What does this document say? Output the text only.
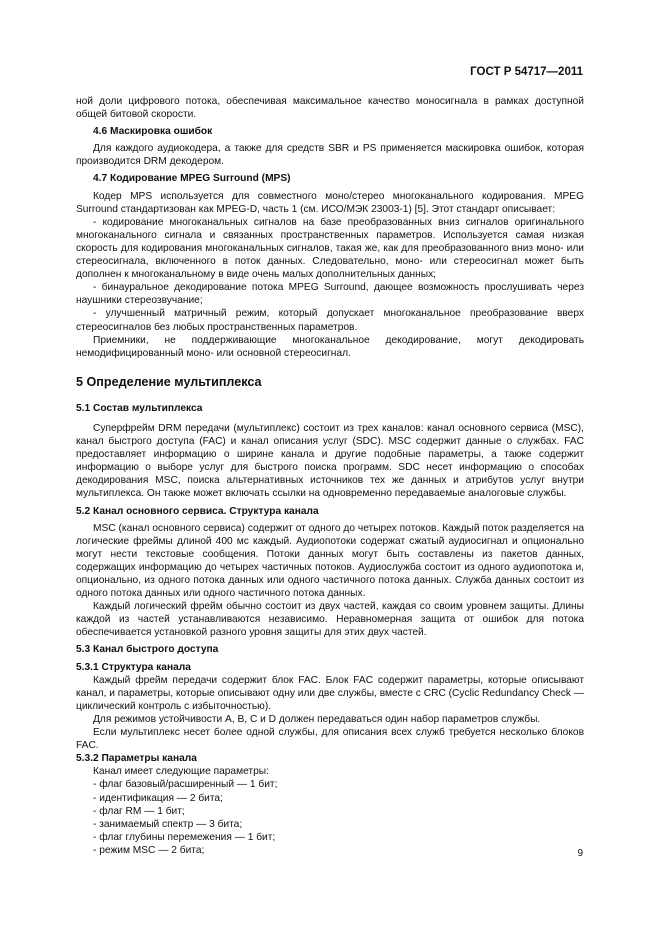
ГОСТ Р 54717—2011

ной доли цифрового потока, обеспечивая максимальное качество моносигнала в рамках доступной общей битовой скорости.

4.6 Маскировка ошибок

Для каждого аудиокодера, а также для средств SBR и PS применяется маскировка ошибок, которая производится DRM декодером.

4.7 Кодирование MPEG Surround (MPS)

Кодер MPS используется для совместного моно/стерео многоканального кодирования. MPEG Surround стандартизован как MPEG-D, часть 1 (см. ИСО/МЭК 23003-1) [5]. Этот стандарт описывает:

- кодирование многоканальных сигналов на базе преобразованных вниз сигналов оригинального многоканального сигнала и связанных пространственных параметров. Используется самая низкая скорость для кодирования многоканальных сигналов, такая же, как для преобразованного вниз моно- или стереосигнала, включенного в поток данных. Следовательно, моно- или стереосигнал может быть дополнен к многоканальному в виде очень малых дополнительных данных;

- бинауральное декодирование потока MPEG Surround, дающее возможность прослушивать через наушники стереозвучание;

- улучшенный матричный режим, который допускает многоканальное преобразование вверх стереосигналов без любых пространственных параметров.

Приемники, не поддерживающие многоканальное декодирование, могут декодировать немодифицированный моно- или основной стереосигнал.

5 Определение мультиплекса

5.1 Состав мультиплекса

Суперфрейм DRM передачи (мультиплекс) состоит из трех каналов: канал основного сервиса (MSC), канал быстрого доступа (FAC) и канал описания услуг (SDC). MSC содержит данные о службах. FAC предоставляет информацию о ширине канала и другие подобные параметры, а также содержит информацию о выборе услуг для быстрого поиска программ. SDC несет информацию о способах декодирования MSC, поиска альтернативных источников тех же данных и атрибутов услуг внутри мультиплекса. Он также может включать ссылки на одновременно передаваемые аналоговые службы.

5.2 Канал основного сервиса. Структура канала

MSC (канал основного сервиса) содержит от одного до четырех потоков. Каждый поток разделяется на логические фреймы длиной 400 мс каждый. Аудиопотоки содержат сжатый аудиосигнал и опционально могут нести текстовые сообщения. Потоки данных могут быть составлены из пакетов данных, содержащих информацию до четырех частичных потоков. Аудиослужба состоит из одного аудиопотока и, опционально, из одного потока данных или одного частичного потока данных. Служба данных состоит из одного потока данных или одного частичного потока данных.

Каждый логический фрейм обычно состоит из двух частей, каждая со своим уровнем защиты. Длины каждой из частей устанавливаются независимо. Неравномерная защита от ошибок для потока обеспечивается установкой разного уровня защиты для этих двух частей.

5.3 Канал быстрого доступа

5.3.1 Структура канала

Каждый фрейм передачи содержит блок FAC. Блок FAC содержит параметры, которые описывают канал, и параметры, которые описывают одну или две службы, вместе с CRC (Cyclic Redundancy Check — циклический контроль с избыточностью).

Для режимов устойчивости A, B, C и D должен передаваться один набор параметров службы.

Если мультиплекс несет более одной службы, для описания всех служб требуется несколько блоков FAC.

5.3.2 Параметры канала

Канал имеет следующие параметры:

- флаг базовый/расширенный — 1 бит;

- идентификация — 2 бита;

- флаг RM — 1 бит;

- занимаемый спектр — 3 бита;

- флаг глубины перемежения — 1 бит;

- режим MSC — 2 бита;	9
